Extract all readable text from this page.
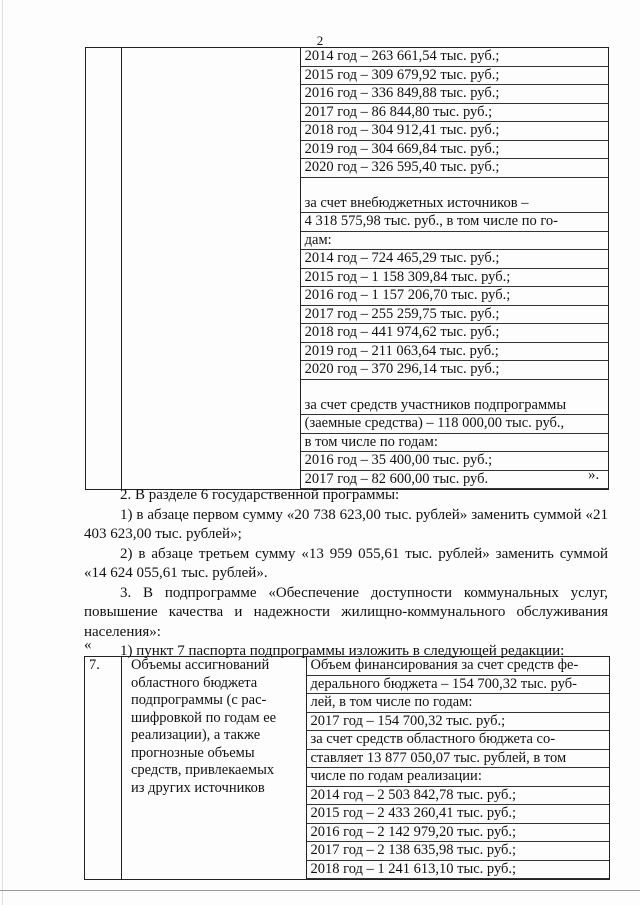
2

2014 год – 263 661,54 тыс. руб.;
2015 год – 309 679,92 тыс. руб.;
2016 год – 336 849,88 тыс. руб.;
2017 год – 86 844,80 тыс. руб.;
2018 год – 304 912,41 тыс. руб.;
2019 год – 304 669,84 тыс. руб.;
2020 год – 326 595,40 тыс. руб.;
за счет внебюджетных источников –
4 318 575,98 тыс. руб., в том числе по го-
дам:
2014 год – 724 465,29 тыс. руб.;
2015 год – 1 158 309,84 тыс. руб.;
2016 год – 1 157 206,70 тыс. руб.;
2017 год – 255 259,75 тыс. руб.;
2018 год – 441 974,62 тыс. руб.;
2019 год – 211 063,64 тыс. руб.;
2020 год – 370 296,14 тыс. руб.;
за счет средств участников подпрограммы
(заемные средства) – 118 000,00 тыс. руб.,
в том числе по годам:
2016 год – 35 400,00 тыс. руб.;
2017 год – 82 600,00 тыс. руб.	».

2. В разделе 6 государственной программы:

1) в абзаце первом сумму «20 738 623,00 тыс. рублей» заменить суммой «21 403 623,00 тыс. рублей»;

2) в абзаце третьем сумму «13 959 055,61 тыс. рублей» заменить суммой «14 624 055,61 тыс. рублей».

3. В подпрограмме «Обеспечение доступности коммунальных услуг, повышение качества и надежности жилищно-коммунального обслуживания населения»:

1) пункт 7 паспорта подпрограммы изложить в следующей редакции:

«
7.	Объемы ассигнований
областного бюджета
подпрограммы (с рас-
шифровкой по годам ее
реализации), а также
прогнозные объемы
средств, привлекаемых
из других источников

Объем финансирования за счет средств фе-
дерального бюджета – 154 700,32 тыс. руб-
лей, в том числе по годам:
2017 год – 154 700,32 тыс. руб.;
за счет средств областного бюджета со-
ставляет 13 877 050,07 тыс. рублей, в том
числе по годам реализации:
2014 год – 2 503 842,78 тыс. руб.;
2015 год – 2 433 260,41 тыс. руб.;
2016 год – 2 142 979,20 тыс. руб.;
2017 год – 2 138 635,98 тыс. руб.;
2018 год – 1 241 613,10 тыс. руб.;
